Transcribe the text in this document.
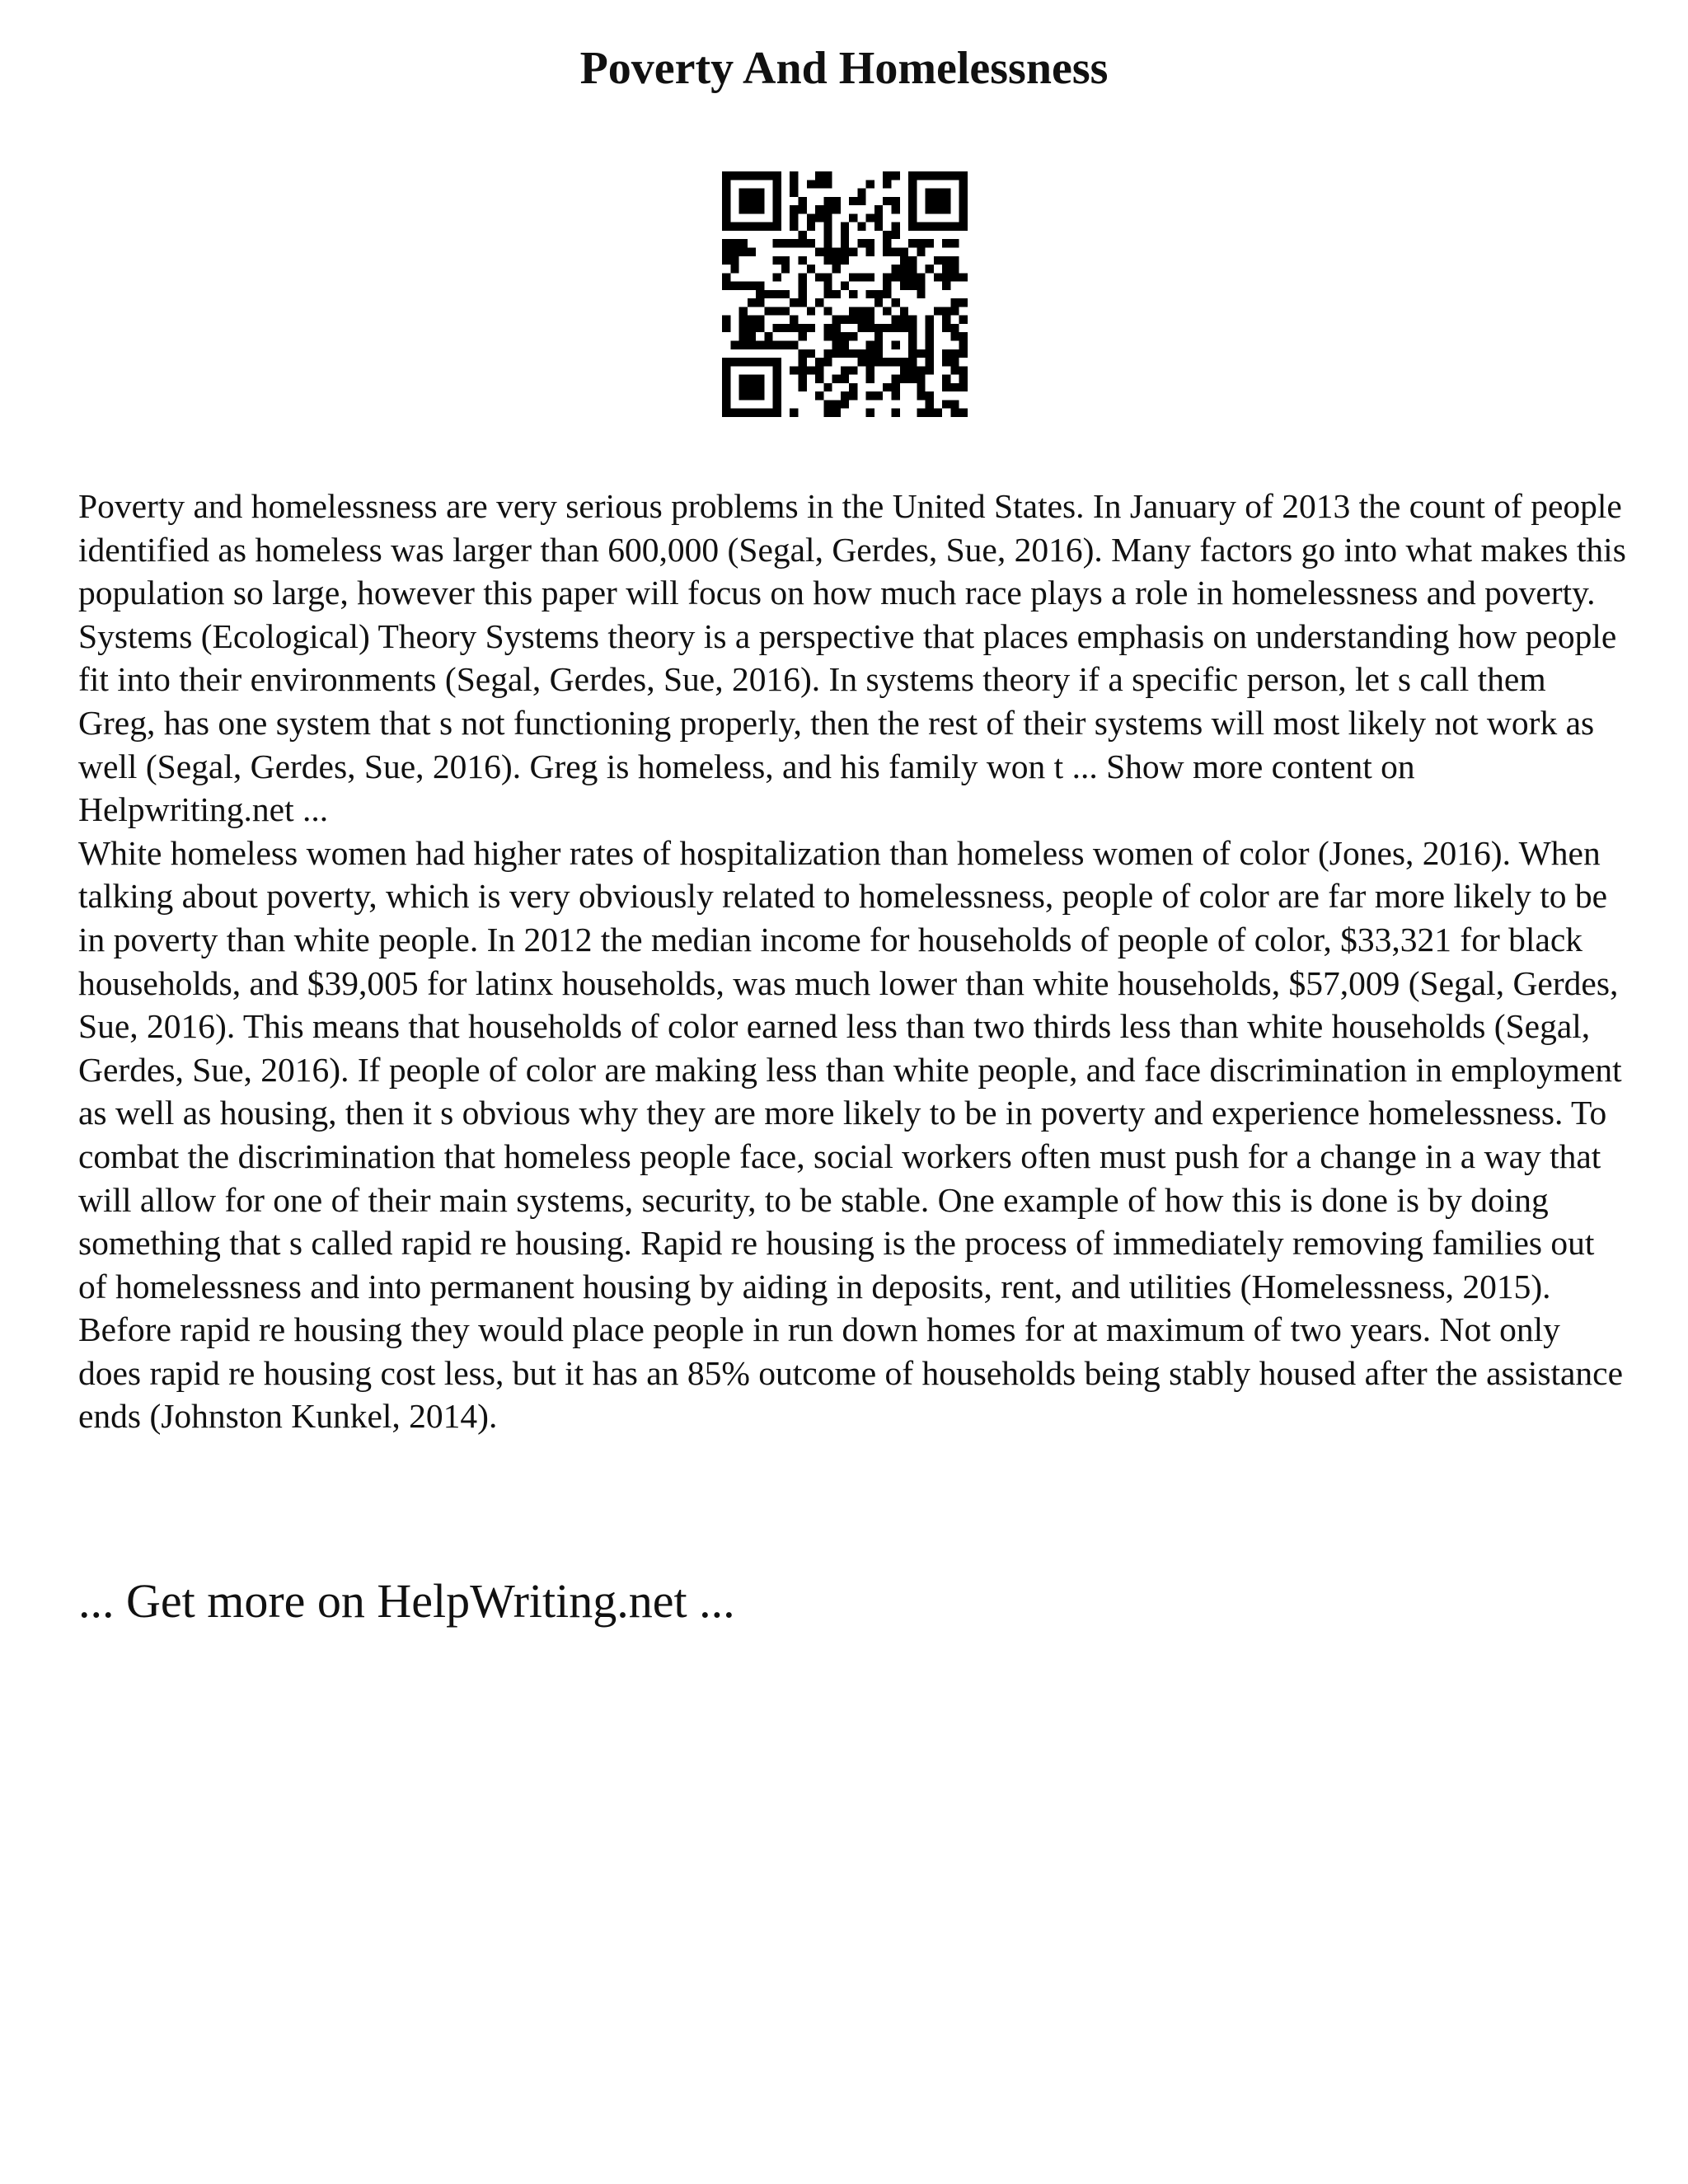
Poverty And Homelessness

Poverty and homelessness are very serious problems in the United States. In January of 2013 the count of people identified as homeless was larger than 600,000 (Segal, Gerdes, Sue, 2016). Many factors go into what makes this population so large, however this paper will focus on how much race plays a role in homelessness and poverty.

Systems (Ecological) Theory Systems theory is a perspective that places emphasis on understanding how people fit into their environments (Segal, Gerdes, Sue, 2016). In systems theory if a specific person, let s call them Greg, has one system that s not functioning properly, then the rest of their systems will most likely not work as well (Segal, Gerdes, Sue, 2016). Greg is homeless, and his family won t ... Show more content on Helpwriting.net ...

White homeless women had higher rates of hospitalization than homeless women of color (Jones, 2016). When talking about poverty, which is very obviously related to homelessness, people of color are far more likely to be in poverty than white people. In 2012 the median income for households of people of color, $33,321 for black households, and $39,005 for latinx households, was much lower than white households, $57,009 (Segal, Gerdes, Sue, 2016). This means that households of color earned less than two thirds less than white households (Segal, Gerdes, Sue, 2016). If people of color are making less than white people, and face discrimination in employment as well as housing, then it s obvious why they are more likely to be in poverty and experience homelessness. To combat the discrimination that homeless people face, social workers often must push for a change in a way that will allow for one of their main systems, security, to be stable. One example of how this is done is by doing something that s called rapid re housing. Rapid re housing is the process of immediately removing families out of homelessness and into permanent housing by aiding in deposits, rent, and utilities (Homelessness, 2015). Before rapid re housing they would place people in run down homes for at maximum of two years. Not only does rapid re housing cost less, but it has an 85% outcome of households being stably housed after the assistance ends (Johnston Kunkel, 2014).

... Get more on HelpWriting.net ...
